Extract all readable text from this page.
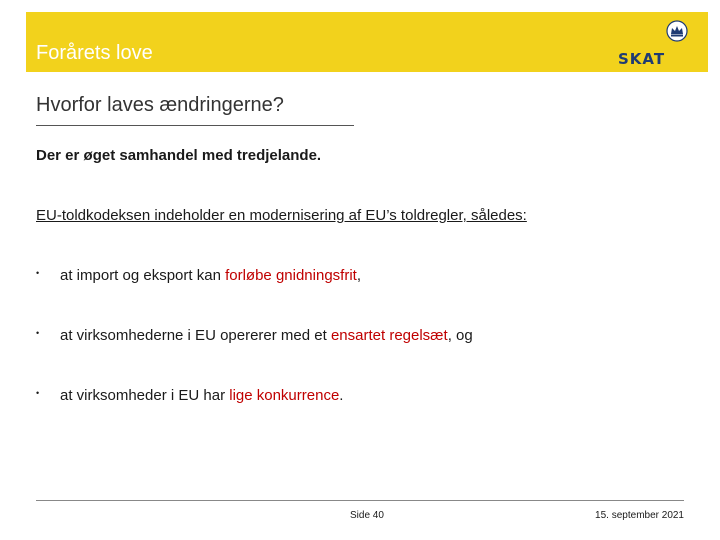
Forårets love	SKAT
Hvorfor laves ændringerne?
Der er øget samhandel med tredjelande.
EU-toldkodeksen indeholder en modernisering af EU’s toldregler, således:
• at import og eksport kan forløbe gnidningsfrit,
• at virksomhederne i EU opererer med et ensartet regelsæt, og
• at virksomheder i EU har lige konkurrence.
Side 40	15. september 2021
